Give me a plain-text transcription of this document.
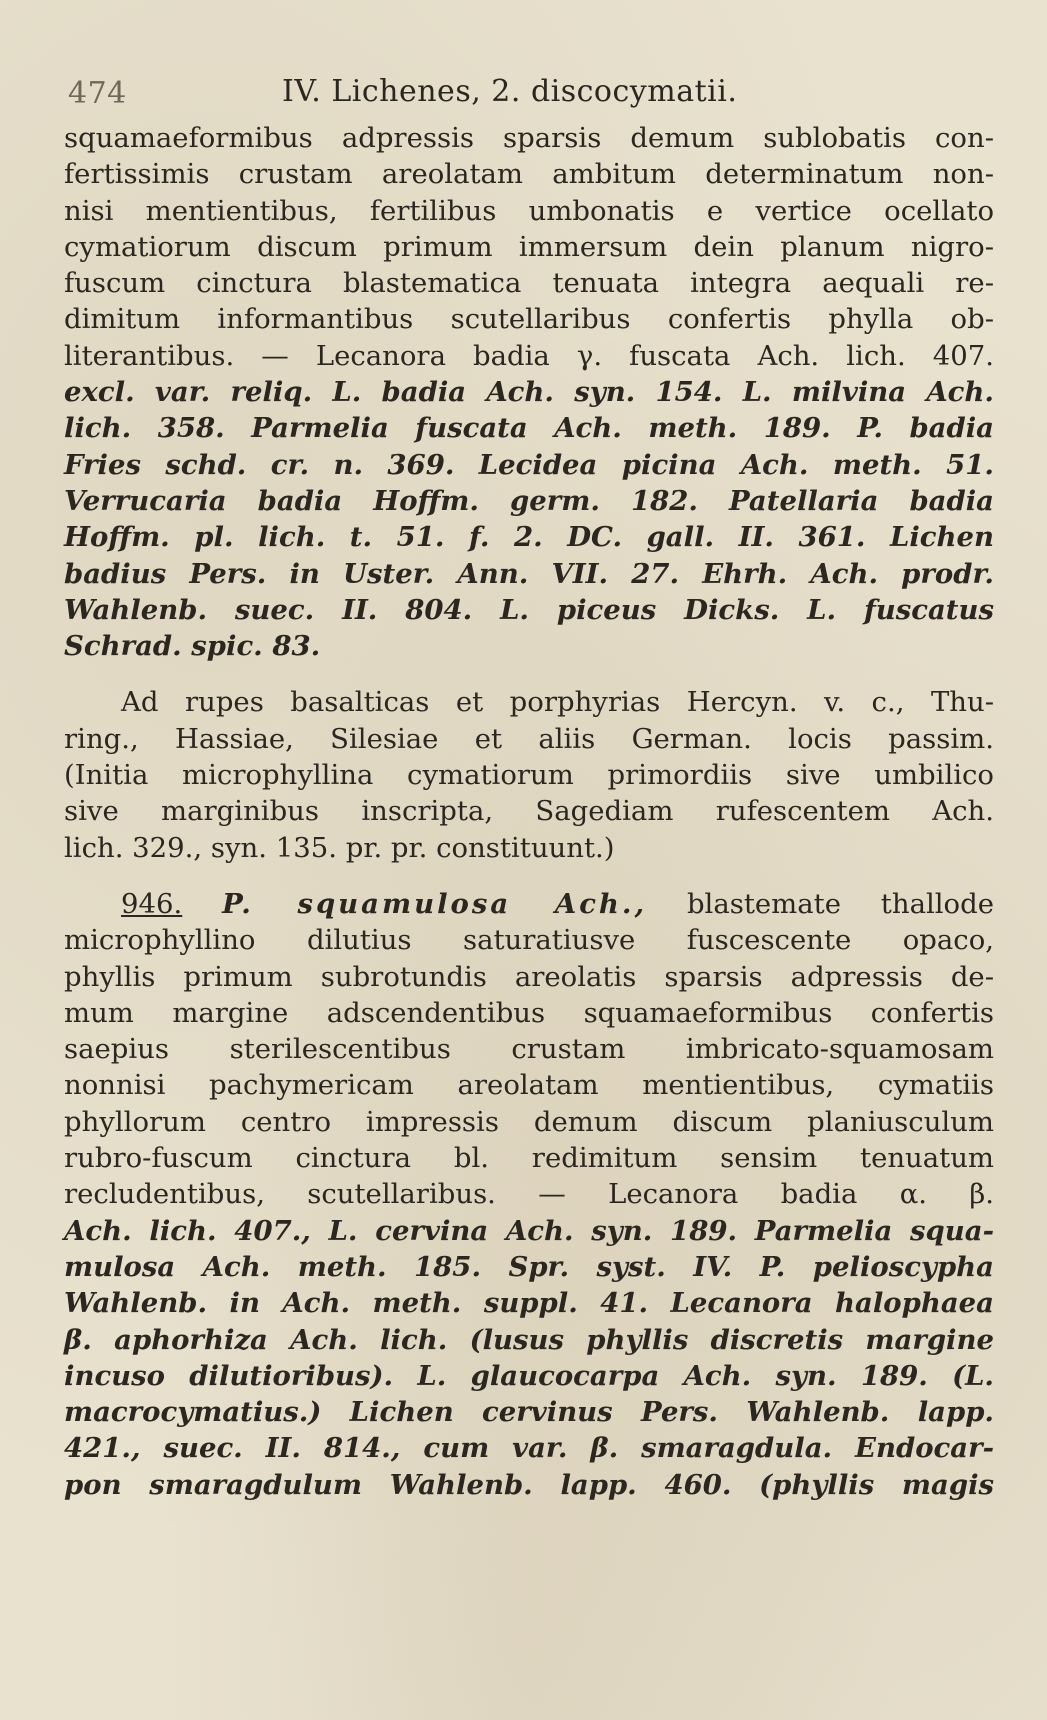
474	IV. Lichenes, 2. discocymatii.
squamaeformibus adpressis sparsis demum sublobatis con-
fertissimis crustam areolatam ambitum determinatum non-
nisi mentientibus, fertilibus umbonatis e vertice ocellato
cymatiorum discum primum immersum dein planum nigro-
fuscum cinctura blastematica tenuata integra aequali re-
dimitum informantibus scutellaribus confertis phylla ob-
literantibus. — Lecanora badia γ. fuscata Ach. lich. 407.
excl. var. reliq. L. badia Ach. syn. 154. L. milvina Ach.
lich. 358. Parmelia fuscata Ach. meth. 189. P. badia
Fries schd. cr. n. 369. Lecidea picina Ach. meth. 51.
Verrucaria badia Hoffm. germ. 182. Patellaria badia
Hoffm. pl. lich. t. 51. f. 2. DC. gall. II. 361. Lichen
badius Pers. in Uster. Ann. VII. 27. Ehrh. Ach. prodr.
Wahlenb. suec. II. 804. L. piceus Dicks. L. fuscatus
Schrad. spic. 83.
Ad rupes basalticas et porphyrias Hercyn. v. c., Thu-
ring., Hassiae, Silesiae et aliis German. locis passim.
(Initia microphyllina cymatiorum primordiis sive umbilico
sive marginibus inscripta, Sagediam rufescentem Ach.
lich. 329., syn. 135. pr. pr. constituunt.)
946. P. squamulosa Ach., blastemate thallode
microphyllino dilutius saturatiusve fuscescente opaco,
phyllis primum subrotundis areolatis sparsis adpressis de-
mum margine adscendentibus squamaeformibus confertis
saepius sterilescentibus crustam imbricato-squamosam
nonnisi pachymericam areolatam mentientibus, cymatiis
phyllorum centro impressis demum discum planiusculum
rubro-fuscum cinctura bl. redimitum sensim tenuatum
recludentibus, scutellaribus. — Lecanora badia α. β.
Ach. lich. 407., L. cervina Ach. syn. 189. Parmelia squa-
mulosa Ach. meth. 185. Spr. syst. IV. P. pelioscypha
Wahlenb. in Ach. meth. suppl. 41. Lecanora halophaea
β. aphorhiza Ach. lich. (lusus phyllis discretis margine
incuso dilutioribus). L. glaucocarpa Ach. syn. 189. (L.
macrocymatius.) Lichen cervinus Pers. Wahlenb. lapp.
421., suec. II. 814., cum var. β. smaragdula. Endocar-
pon smaragdulum Wahlenb. lapp. 460. (phyllis magis
